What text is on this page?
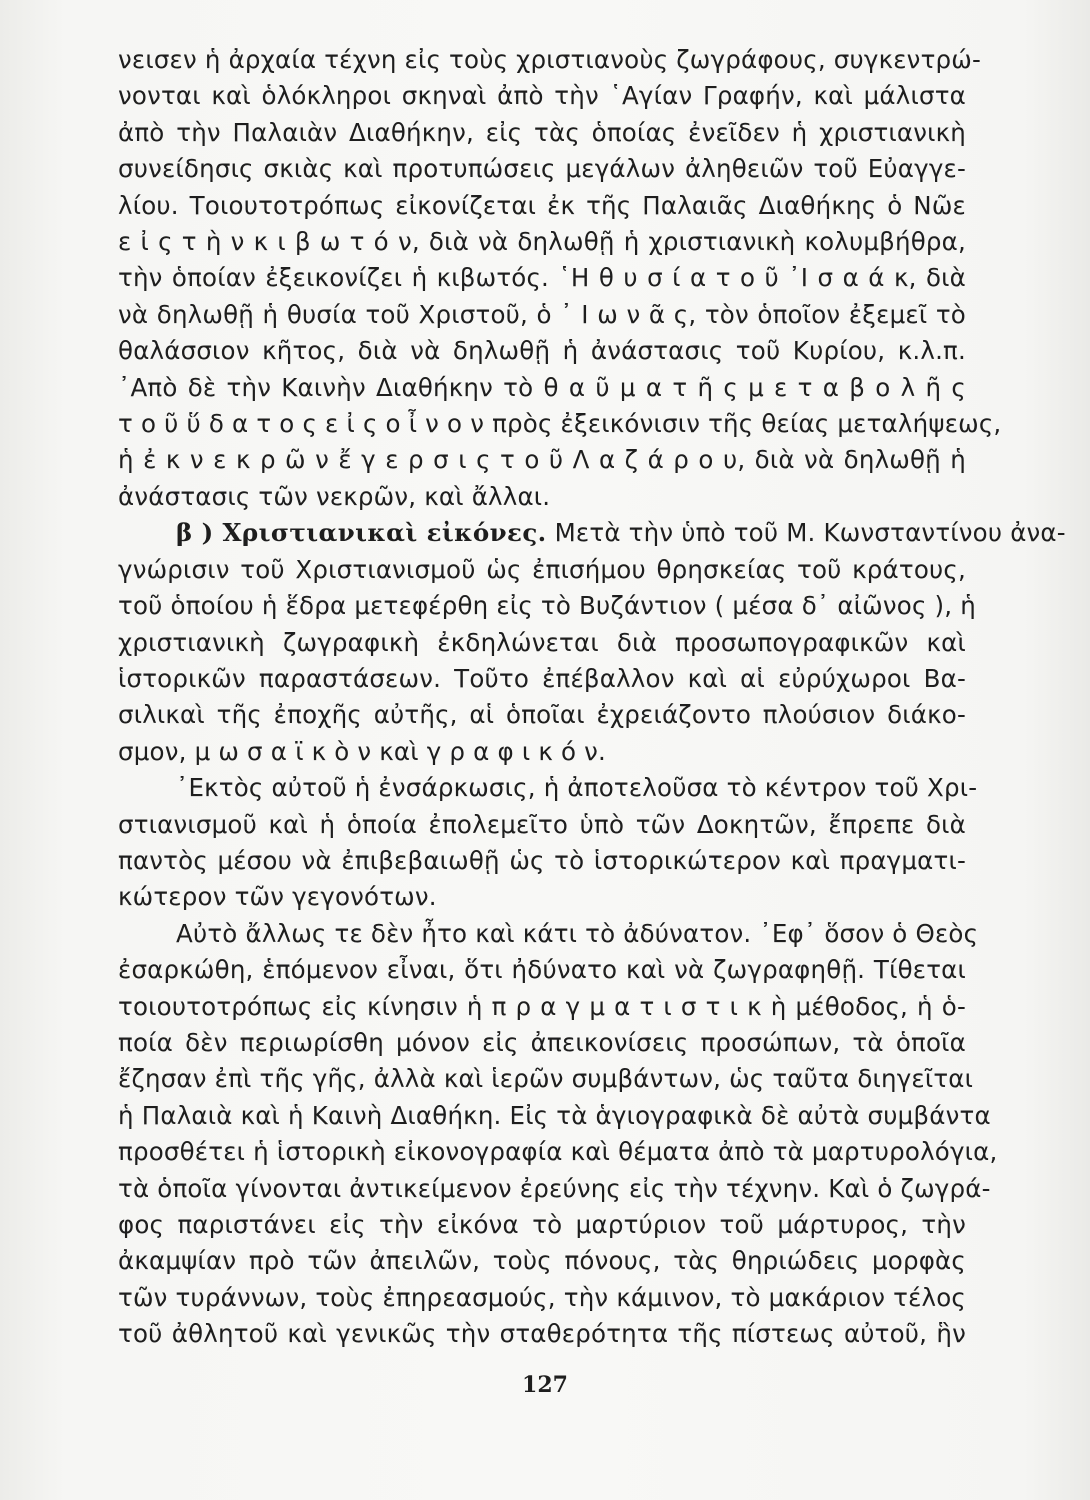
νεισεν ἡ ἀρχαία τέχνη εἰς τοὺς χριστιανοὺς ζωγράφους, συγκεντρώ-
νονται καὶ ὁλόκληροι σκηναὶ ἀπὸ τὴν ῾Αγίαν Γραφήν, καὶ μάλιστα
ἀπὸ τὴν Παλαιὰν Διαθήκην, εἰς τὰς ὁποίας ἐνεῖδεν ἡ χριστιανικὴ
συνείδησις σκιὰς καὶ προτυπώσεις μεγάλων ἀληθειῶν τοῦ Εὐαγγε-
λίου. Τοιουτοτρόπως εἰκονίζεται ἐκ τῆς Παλαιᾶς Διαθήκης ὁ Νῶε
ε ἰ ς τ ὴ ν κ ι β ω τ ό ν, διὰ νὰ δηλωθῇ ἡ χριστιανικὴ κολυμβήθρα,
τὴν ὁποίαν ἐξεικονίζει ἡ κιβωτός. ῾Η θ υ σ ί α τ ο ῦ ᾿Ι σ α ά κ, διὰ
νὰ δηλωθῇ ἡ θυσία τοῦ Χριστοῦ, ὁ ᾿ Ι ω ν ᾶ ς, τὸν ὁποῖον ἐξεμεῖ τὸ
θαλάσσιον κῆτος, διὰ νὰ δηλωθῇ ἡ ἀνάστασις τοῦ Κυρίου, κ.λ.π.
᾿Απὸ δὲ τὴν Καινὴν Διαθήκην τὸ θ α ῦ μ α τ ῆ ς μ ε τ α β ο λ ῆ ς
τ ο ῦ ὕ δ α τ ο ς ε ἰ ς ο ἶ ν ο ν πρὸς ἐξεικόνισιν τῆς θείας μεταλήψεως,
ἡ ἐ κ ν ε κ ρ ῶ ν ἔ γ ε ρ σ ι ς τ ο ῦ Λ α ζ ά ρ ο υ, διὰ νὰ δηλωθῇ ἡ
ἀνάστασις τῶν νεκρῶν, καὶ ἄλλαι.
β ) Χριστιανικαὶ εἰκόνες. Μετὰ τὴν ὑπὸ τοῦ Μ. Κωνσταντίνου ἀνα-
γνώρισιν τοῦ Χριστιανισμοῦ ὡς ἐπισήμου θρησκείας τοῦ κράτους,
τοῦ ὁποίου ἡ ἕδρα μετεφέρθη εἰς τὸ Βυζάντιον ( μέσα δ᾿ αἰῶνος ), ἡ
χριστιανικὴ ζωγραφικὴ ἐκδηλώνεται διὰ προσωπογραφικῶν καὶ
ἱστορικῶν παραστάσεων. Τοῦτο ἐπέβαλλον καὶ αἱ εὐρύχωροι Βα-
σιλικαὶ τῆς ἐποχῆς αὐτῆς, αἱ ὁποῖαι ἐχρειάζοντο πλούσιον διάκο-
σμον, μ ω σ α ϊ κ ὸ ν καὶ γ ρ α φ ι κ ό ν.
᾿Εκτὸς αὐτοῦ ἡ ἐνσάρκωσις, ἡ ἀποτελοῦσα τὸ κέντρον τοῦ Χρι-
στιανισμοῦ καὶ ἡ ὁποία ἐπολεμεῖτο ὑπὸ τῶν Δοκητῶν, ἔπρεπε διὰ
παντὸς μέσου νὰ ἐπιβεβαιωθῇ ὡς τὸ ἱστορικώτερον καὶ πραγματι-
κώτερον τῶν γεγονότων.
Αὐτὸ ἄλλως τε δὲν ἦτο καὶ κάτι τὸ ἀδύνατον. ᾿Εφ᾿ ὅσον ὁ Θεὸς
ἐσαρκώθη, ἑπόμενον εἶναι, ὅτι ἠδύνατο καὶ νὰ ζωγραφηθῇ. Τίθεται
τοιουτοτρόπως εἰς κίνησιν ἡ π ρ α γ μ α τ ι σ τ ι κ ὴ μέθοδος, ἡ ὁ-
ποία δὲν περιωρίσθη μόνον εἰς ἀπεικονίσεις προσώπων, τὰ ὁποῖα
ἔζησαν ἐπὶ τῆς γῆς, ἀλλὰ καὶ ἱερῶν συμβάντων, ὡς ταῦτα διηγεῖται
ἡ Παλαιὰ καὶ ἡ Καινὴ Διαθήκη. Εἰς τὰ ἁγιογραφικὰ δὲ αὐτὰ συμβάντα
προσθέτει ἡ ἱστορικὴ εἰκονογραφία καὶ θέματα ἀπὸ τὰ μαρτυρολόγια,
τὰ ὁποῖα γίνονται ἀντικείμενον ἐρεύνης εἰς τὴν τέχνην. Καὶ ὁ ζωγρά-
φος παριστάνει εἰς τὴν εἰκόνα τὸ μαρτύριον τοῦ μάρτυρος, τὴν
ἀκαμψίαν πρὸ τῶν ἀπειλῶν, τοὺς πόνους, τὰς θηριώδεις μορφὰς
τῶν τυράννων, τοὺς ἐπηρεασμούς, τὴν κάμινον, τὸ μακάριον τέλος
τοῦ ἀθλητοῦ καὶ γενικῶς τὴν σταθερότητα τῆς πίστεως αὐτοῦ, ἣν
127
